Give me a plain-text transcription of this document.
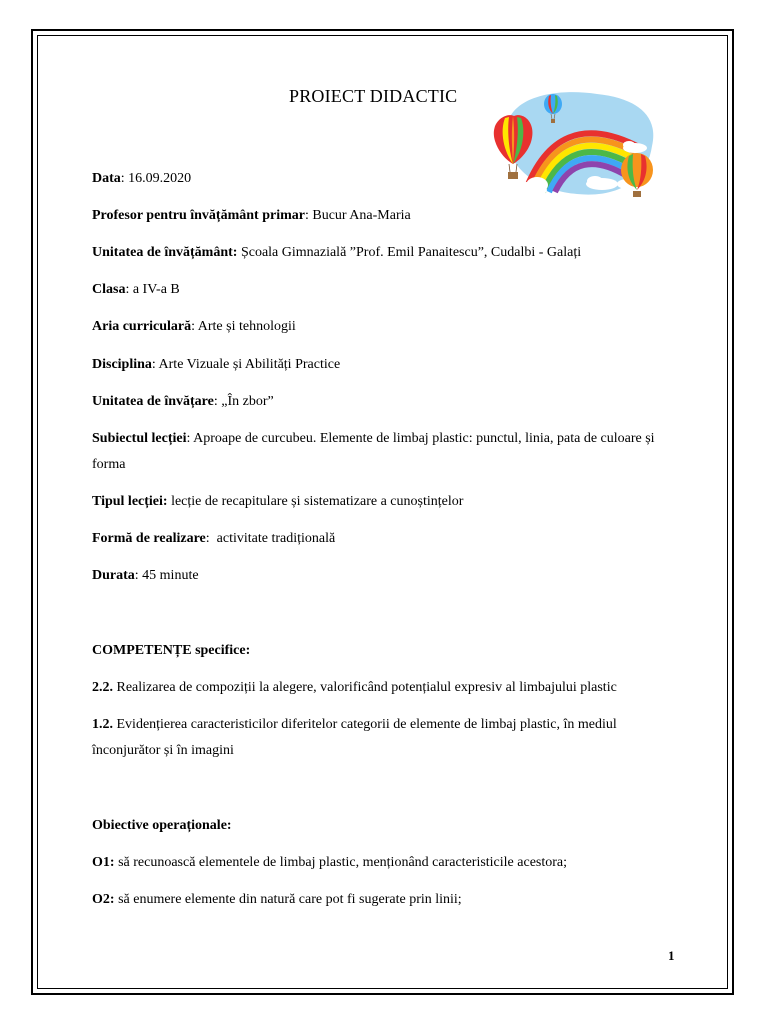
PROIECT DIDACTIC
Data: 16.09.2020
Profesor pentru învățământ primar: Bucur Ana-Maria
Unitatea de învățământ: Școala Gimnazială ”Prof. Emil Panaitescu”, Cudalbi - Galați
Clasa: a IV-a B
Aria curriculară: Arte și tehnologii
Disciplina: Arte Vizuale și Abilități Practice
Unitatea de învățare: „În zbor”
Subiectul lecției: Aproape de curcubeu. Elemente de limbaj plastic: punctul, linia, pata de culoare și forma
Tipul lecției: lecție de recapitulare și sistematizare a cunoștințelor
Formă de realizare:  activitate tradițională
Durata: 45 minute
COMPETENȚE specifice:
2.2. Realizarea de compoziții la alegere, valorificând potențialul expresiv al limbajului plastic
1.2. Evidențierea caracteristicilor diferitelor categorii de elemente de limbaj plastic, în mediul înconjurător și în imagini
Obiective operaționale:
O1: să recunoască elementele de limbaj plastic, menționând caracteristicile acestora;
O2: să enumere elemente din natură care pot fi sugerate prin linii;
1
